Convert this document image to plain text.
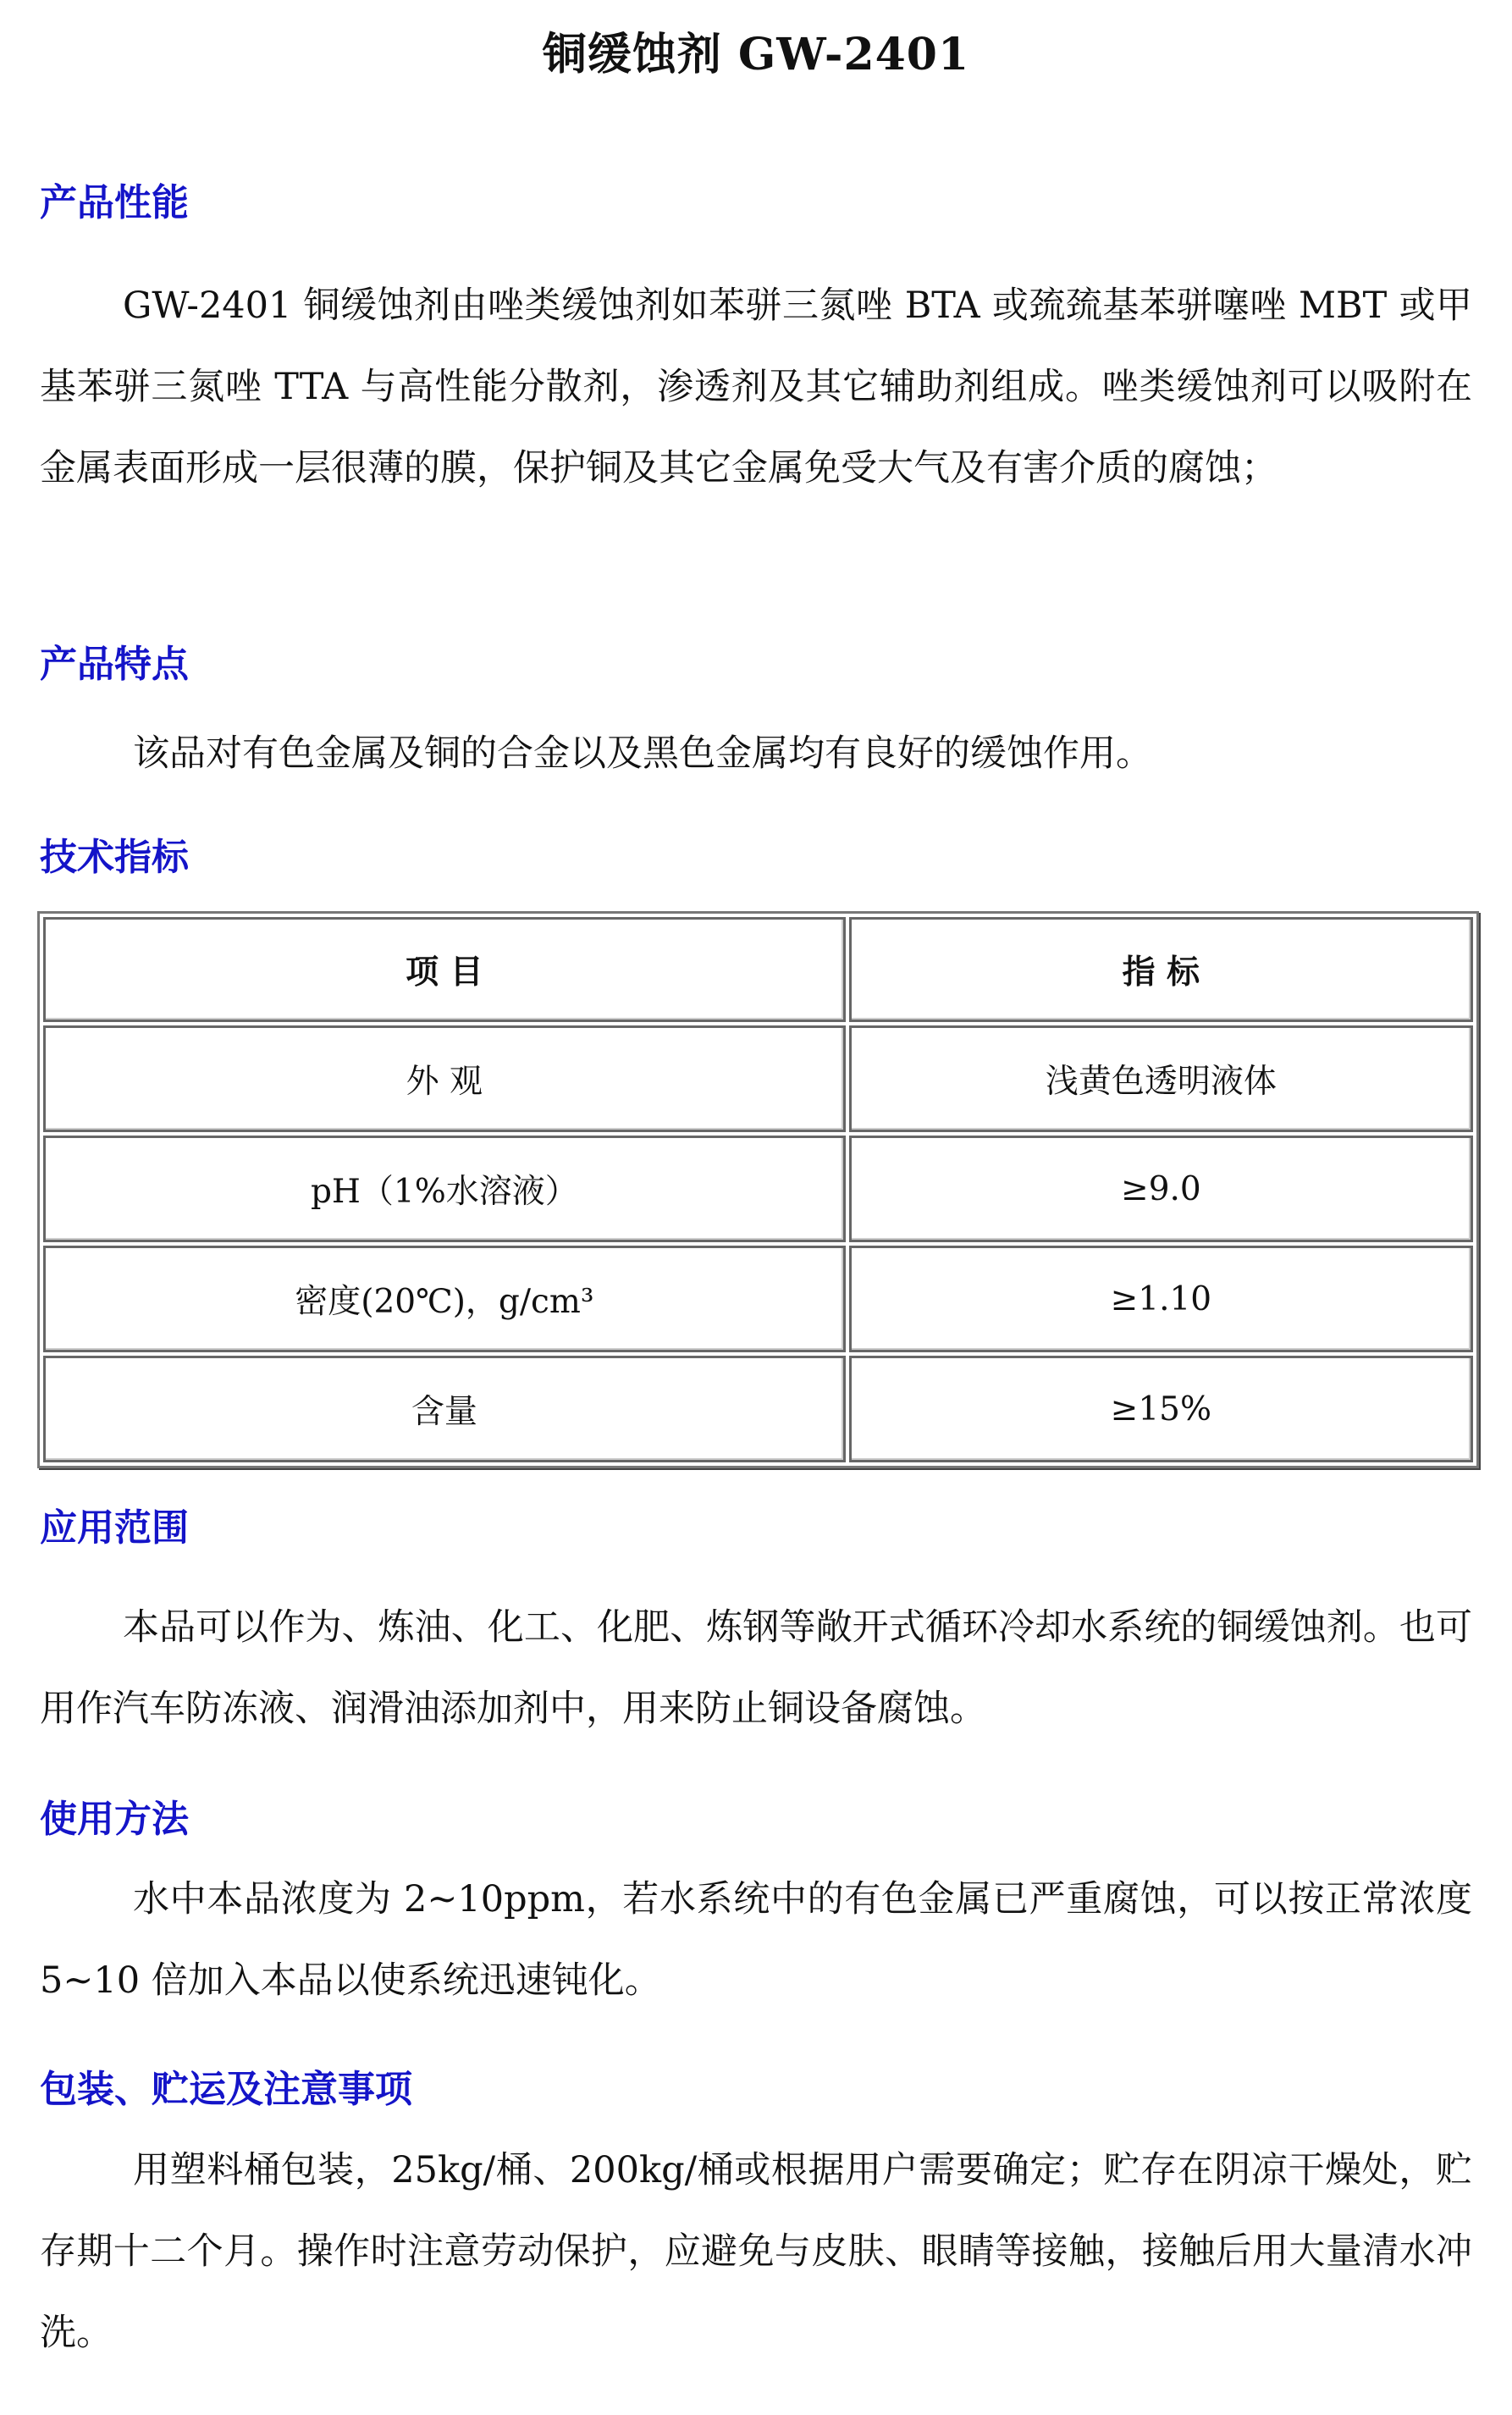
铜缓蚀剂 GW-2401
产品性能
GW-2401 铜缓蚀剂由唑类缓蚀剂如苯骈三氮唑 BTA 或巯巯基苯骈噻唑 MBT 或甲基苯骈三氮唑 TTA 与高性能分散剂，渗透剂及其它辅助剂组成。唑类缓蚀剂可以吸附在金属表面形成一层很薄的膜，保护铜及其它金属免受大气及有害介质的腐蚀；
产品特点
该品对有色金属及铜的合金以及黑色金属均有良好的缓蚀作用。
技术指标
项 目	指 标
外 观	浅黄色透明液体
pH（1%水溶液）	≥9.0
密度(20℃)，g/cm³	≥1.10
含量	≥15%
应用范围
本品可以作为、炼油、化工、化肥、炼钢等敞开式循环冷却水系统的铜缓蚀剂。也可用作汽车防冻液、润滑油添加剂中，用来防止铜设备腐蚀。
使用方法
水中本品浓度为 2~10ppm，若水系统中的有色金属已严重腐蚀，可以按正常浓度 5~10 倍加入本品以使系统迅速钝化。
包装、贮运及注意事项
用塑料桶包装，25kg/桶、200kg/桶或根据用户需要确定；贮存在阴凉干燥处，贮存期十二个月。操作时注意劳动保护，应避免与皮肤、眼睛等接触，接触后用大量清水冲洗。
